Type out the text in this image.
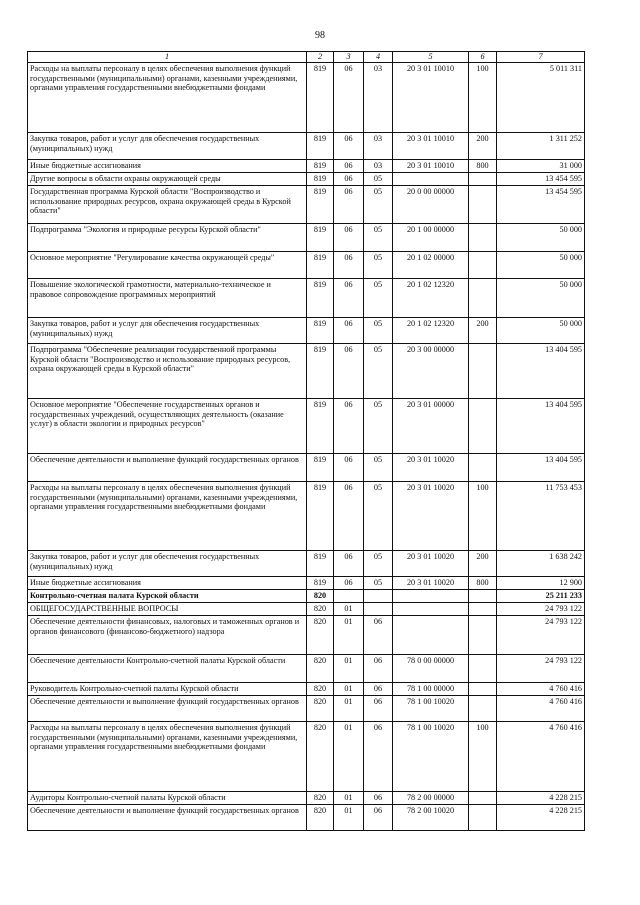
98
1	2	3	4	5	6	7
Расходы на выплаты персоналу в целях обеспечения выполнения функций государственными (муниципальными) органами, казенными учреждениями, органами управления государственными внебюджетными фондами	819	06	03	20 3 01 10010	100	5 011 311
Закупка товаров, работ и услуг для обеспечения государственных (муниципальных) нужд	819	06	03	20 3 01 10010	200	1 311 252
Иные бюджетные ассигнования	819	06	03	20 3 01 10010	800	31 000
Другие вопросы в области охраны окружающей среды	819	06	05			13 454 595
Государственная программа Курской области "Воспроизводство и использование природных ресурсов, охрана окружающей среды в Курской области"	819	06	05	20 0 00 00000		13 454 595
Подпрограмма "Экология и природные ресурсы Курской области"	819	06	05	20 1 00 00000		50 000
Основное мероприятие "Регулирование качества окружающей среды"	819	06	05	20 1 02 00000		50 000
Повышение экологической грамотности, материально-техническое и правовое сопровождение программных мероприятий	819	06	05	20 1 02 12320		50 000
Закупка товаров, работ и услуг для обеспечения государственных (муниципальных) нужд	819	06	05	20 1 02 12320	200	50 000
Подпрограмма "Обеспечение реализации государственной программы Курской области "Воспроизводство и использование природных ресурсов, охрана окружающей среды в Курской области"	819	06	05	20 3 00 00000		13 404 595
Основное мероприятие "Обеспечение государственных органов и государственных учреждений, осуществляющих деятельность (оказание услуг) в области экологии и природных ресурсов"	819	06	05	20 3 01 00000		13 404 595
Обеспечение деятельности и выполнение функций государственных органов	819	06	05	20 3 01 10020		13 404 595
Расходы на выплаты персоналу в целях обеспечения выполнения функций государственными (муниципальными) органами, казенными учреждениями, органами управления государственными внебюджетными фондами	819	06	05	20 3 01 10020	100	11 753 453
Закупка товаров, работ и услуг для обеспечения государственных (муниципальных) нужд	819	06	05	20 3 01 10020	200	1 638 242
Иные бюджетные ассигнования	819	06	05	20 3 01 10020	800	12 900
Контрольно-счетная палата Курской области	820					25 211 233
ОБЩЕГОСУДАРСТВЕННЫЕ ВОПРОСЫ	820	01				24 793 122
Обеспечение деятельности финансовых, налоговых и таможенных органов и органов финансового (финансово-бюджетного) надзора	820	01	06			24 793 122
Обеспечение деятельности Контрольно-счетной палаты Курской области	820	01	06	78 0 00 00000		24 793 122
Руководитель Контрольно-счетной палаты Курской области	820	01	06	78 1 00 00000		4 760 416
Обеспечение деятельности и выполнение функций государственных органов	820	01	06	78 1 00 10020		4 760 416
Расходы на выплаты персоналу в целях обеспечения выполнения функций государственными (муниципальными) органами, казенными учреждениями, органами управления государственными внебюджетными фондами	820	01	06	78 1 00 10020	100	4 760 416
Аудиторы Контрольно-счетной палаты Курской области	820	01	06	78 2 00 00000		4 228 215
Обеспечение деятельности и выполнение функций государственных органов	820	01	06	78 2 00 10020		4 228 215
